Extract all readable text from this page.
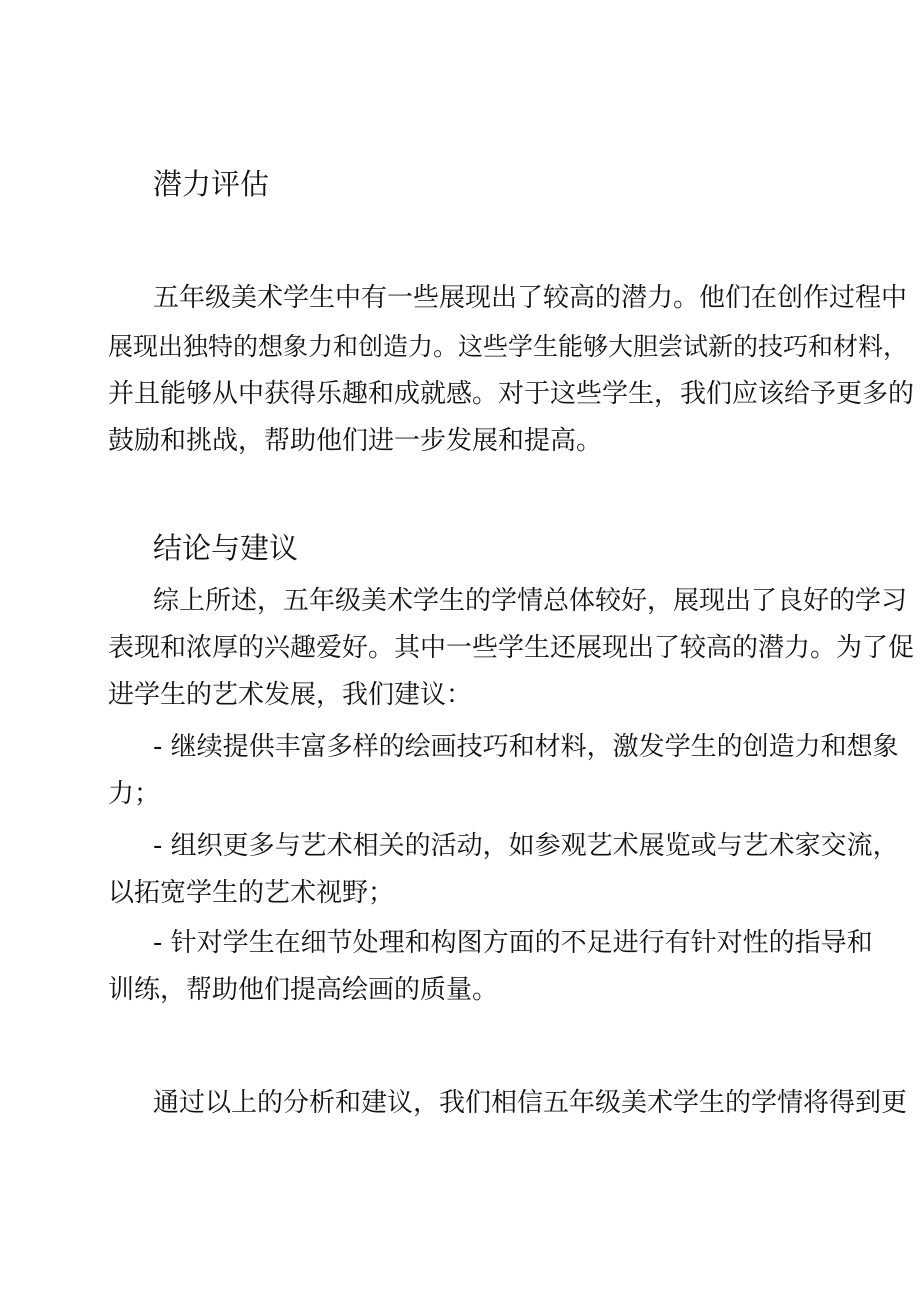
潜力评估

五年级美术学生中有一些展现出了较高的潜力。他们在创作过程中

展现出独特的想象力和创造力。这些学生能够大胆尝试新的技巧和材料，

并且能够从中获得乐趣和成就感。对于这些学生，我们应该给予更多的

鼓励和挑战，帮助他们进一步发展和提高。

结论与建议

综上所述，五年级美术学生的学情总体较好，展现出了良好的学习

表现和浓厚的兴趣爱好。其中一些学生还展现出了较高的潜力。为了促

进学生的艺术发展，我们建议：

- 继续提供丰富多样的绘画技巧和材料，激发学生的创造力和想象

力；

- 组织更多与艺术相关的活动，如参观艺术展览或与艺术家交流，

以拓宽学生的艺术视野；

- 针对学生在细节处理和构图方面的不足进行有针对性的指导和

训练，帮助他们提高绘画的质量。

通过以上的分析和建议，我们相信五年级美术学生的学情将得到更
